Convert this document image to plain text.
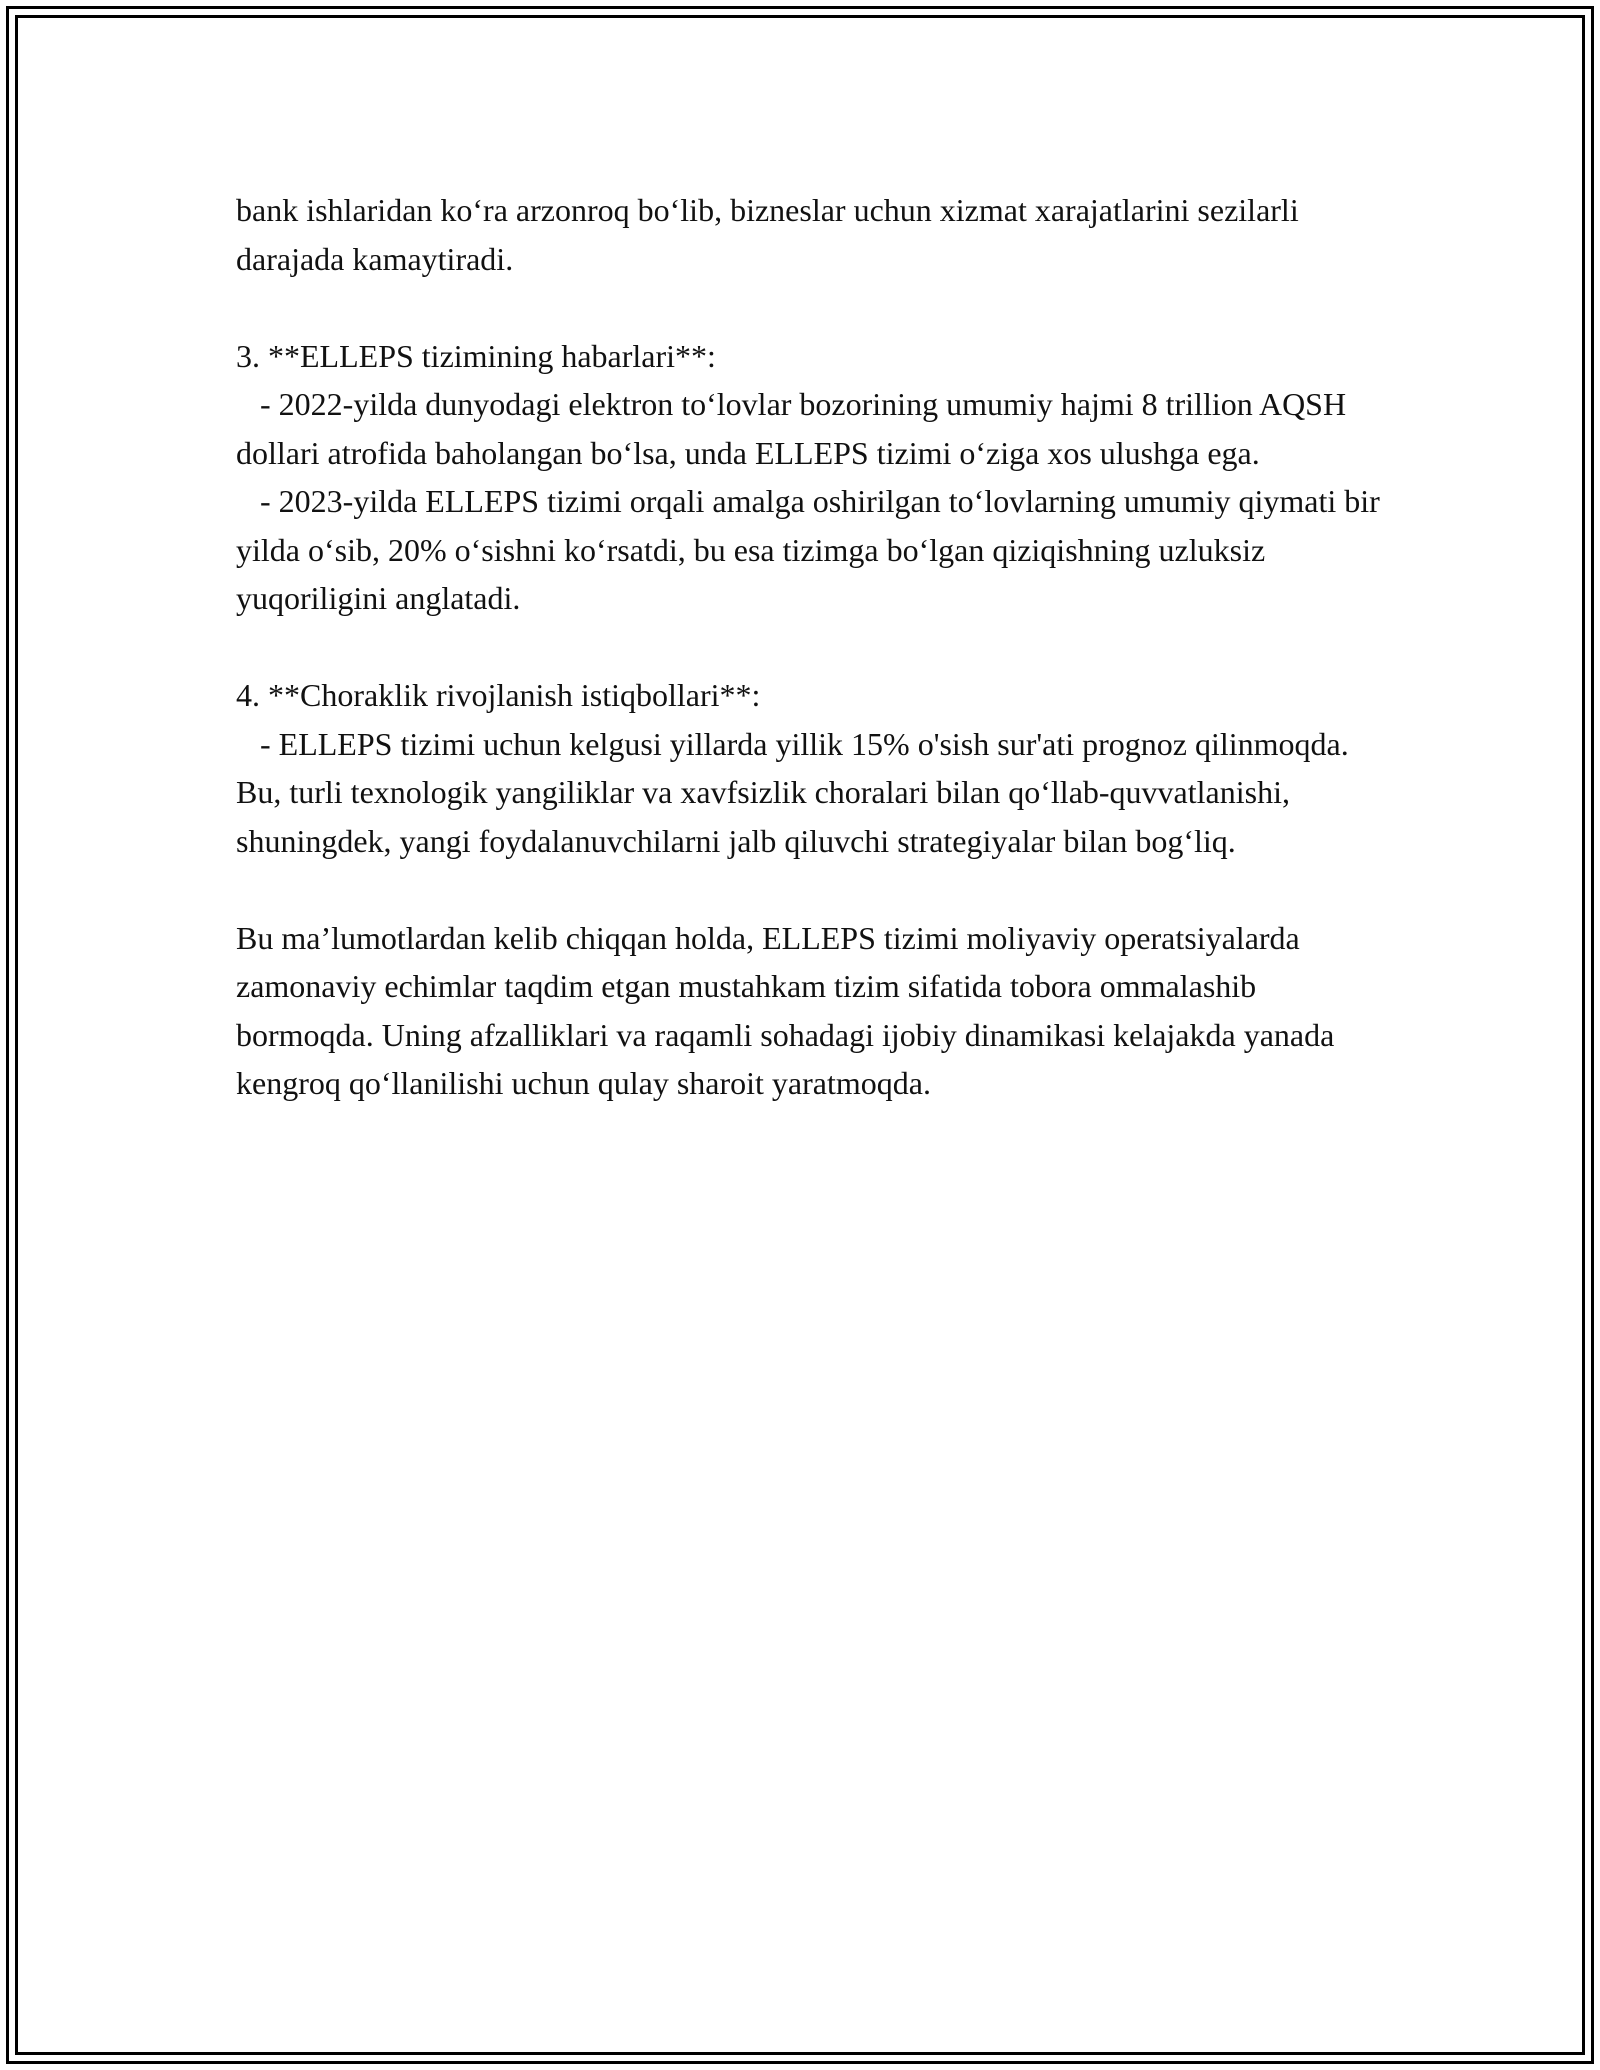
bank ishlaridan ko‘ra arzonroq bo‘lib, bizneslar uchun xizmat xarajatlarini sezilarli darajada kamaytiradi.

3. **ELLEPS tizimining habarlari**:

- 2022-yilda dunyodagi elektron to‘lovlar bozorining umumiy hajmi 8 trillion AQSH dollari atrofida baholangan bo‘lsa, unda ELLEPS tizimi o‘ziga xos ulushga ega.

- 2023-yilda ELLEPS tizimi orqali amalga oshirilgan to‘lovlarning umumiy qiymati bir yilda o‘sib, 20% o‘sishni ko‘rsatdi, bu esa tizimga bo‘lgan qiziqishning uzluksiz yuqoriligini anglatadi.

4. **Choraklik rivojlanish istiqbollari**:

- ELLEPS tizimi uchun kelgusi yillarda yillik 15% o'sish sur'ati prognoz qilinmoqda. Bu, turli texnologik yangiliklar va xavfsizlik choralari bilan qo‘llab-quvvatlanishi, shuningdek, yangi foydalanuvchilarni jalb qiluvchi strategiyalar bilan bog‘liq.

Bu ma’lumotlardan kelib chiqqan holda, ELLEPS tizimi moliyaviy operatsiyalarda zamonaviy echimlar taqdim etgan mustahkam tizim sifatida tobora ommalashib bormoqda. Uning afzalliklari va raqamli sohadagi ijobiy dinamikasi kelajakda yanada kengroq qo‘llanilishi uchun qulay sharoit yaratmoqda.
